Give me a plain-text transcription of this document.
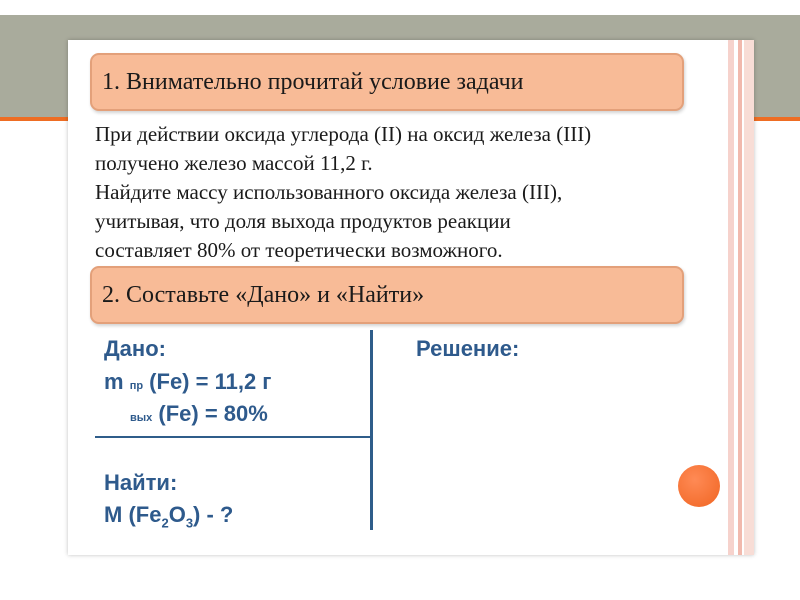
1. Внимательно прочитай условие задачи
При действии оксида углерода (II) на оксид железа (III)
получено железо массой 11,2 г.
Найдите массу использованного оксида железа (III),
учитывая, что доля выхода продуктов реакции
составляет 80% от теоретически возможного.
2. Составьте «Дано» и «Найти»
Дано:
m пр (Fe) = 11,2 г
вых (Fe) = 80%
Найти:
M $(Fe_2O_3)$ - ?
Решение:
